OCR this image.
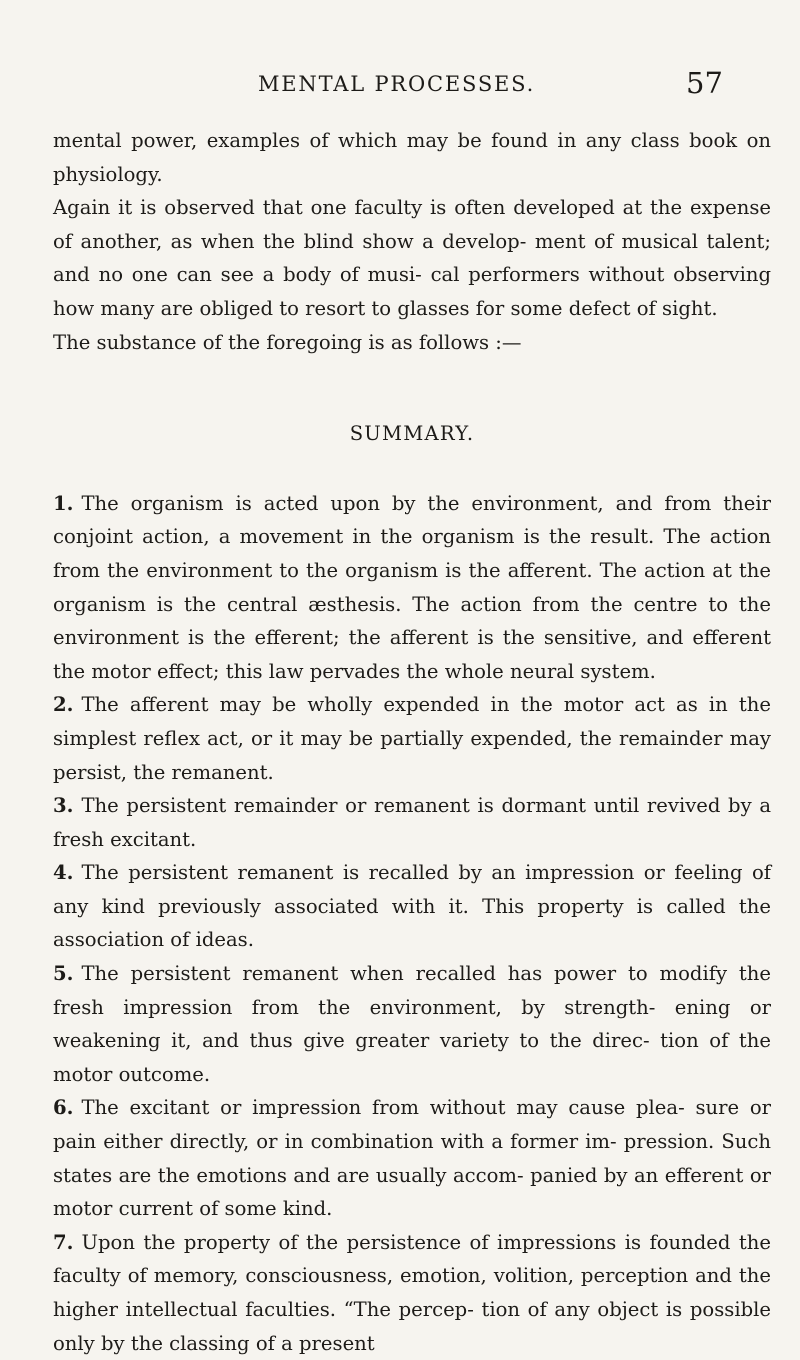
MENTAL PROCESSES.	57

mental power, examples of which may be found in any class book on physiology.

Again it is observed that one faculty is often developed at the expense of another, as when the blind show a develop- ment of musical talent; and no one can see a body of musi- cal performers without observing how many are obliged to resort to glasses for some defect of sight.

The substance of the foregoing is as follows :—

SUMMARY.

1. The organism is acted upon by the environment, and from their conjoint action, a movement in the organism is the result. The action from the environment to the organism is the afferent. The action at the organism is the central æsthesis. The action from the centre to the environment is the efferent; the afferent is the sensitive, and efferent the motor effect; this law pervades the whole neural system.

2. The afferent may be wholly expended in the motor act as in the simplest reflex act, or it may be partially expended, the remainder may persist, the remanent.

3. The persistent remainder or remanent is dormant until revived by a fresh excitant.

4. The persistent remanent is recalled by an impression or feeling of any kind previously associated with it. This property is called the association of ideas.

5. The persistent remanent when recalled has power to modify the fresh impression from the environment, by strength- ening or weakening it, and thus give greater variety to the direc- tion of the motor outcome.

6. The excitant or impression from without may cause plea- sure or pain either directly, or in combination with a former im- pression. Such states are the emotions and are usually accom- panied by an efferent or motor current of some kind.

7. Upon the property of the persistence of impressions is founded the faculty of memory, consciousness, emotion, volition, perception and the higher intellectual faculties. “The percep- tion of any object is possible only by the classing of a present
